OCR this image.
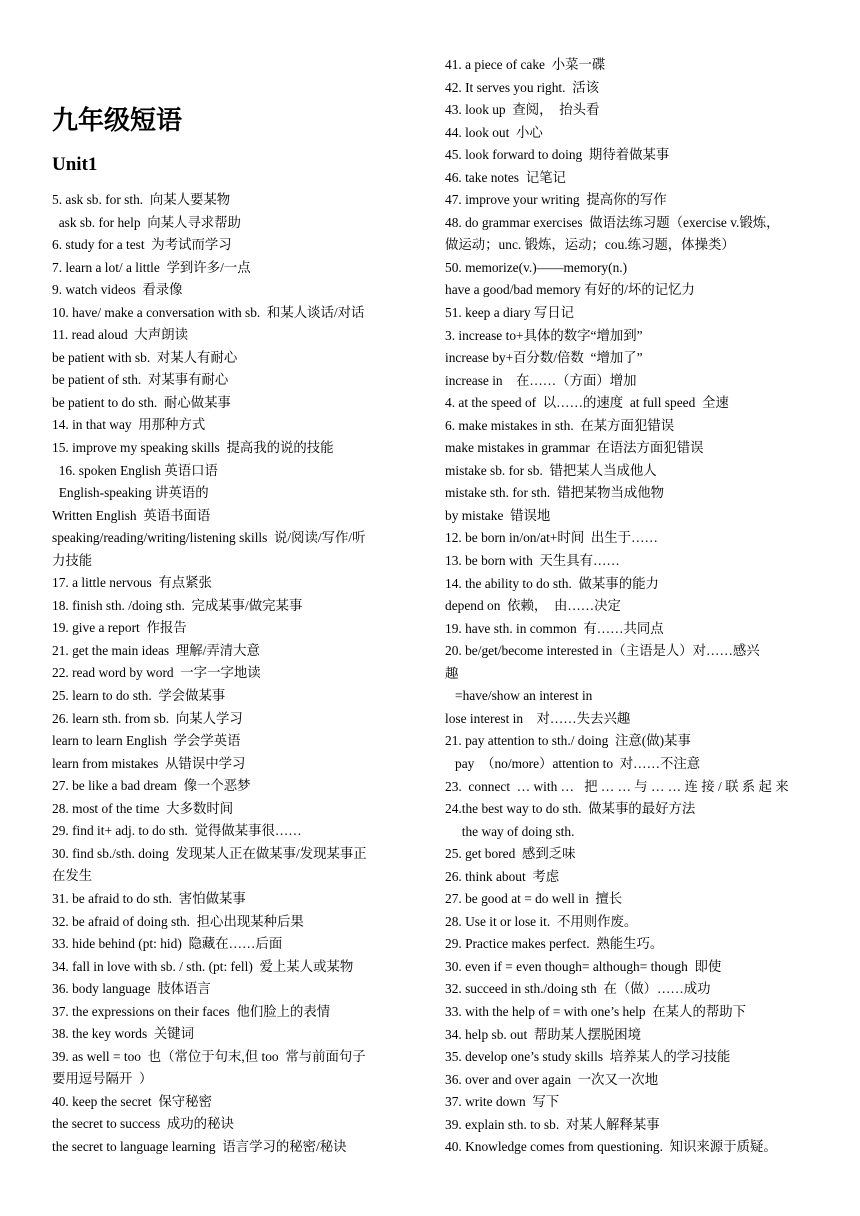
九年级短语
Unit1
5. ask sb. for sth.  向某人要某物
ask sb. for help  向某人寻求帮助
6. study for a test  为考试而学习
7. learn a lot/ a little  学到许多/一点
9. watch videos  看录像
10. have/ make a conversation with sb.  和某人谈话/对话
11. read aloud  大声朗读
be patient with sb.  对某人有耐心
be patient of sth.  对某事有耐心
be patient to do sth.  耐心做某事
14. in that way  用那种方式
15. improve my speaking skills  提高我的说的技能
16. spoken English 英语口语
English-speaking 讲英语的
Written English  英语书面语
speaking/reading/writing/listening skills  说/阅读/写作/听
力技能
17. a little nervous  有点紧张
18. finish sth. /doing sth.  完成某事/做完某事
19. give a report  作报告
21. get the main ideas  理解/弄清大意
22. read word by word  一字一字地读
25. learn to do sth.  学会做某事
26. learn sth. from sb.  向某人学习
learn to learn English  学会学英语
learn from mistakes  从错误中学习
27. be like a bad dream  像一个恶梦
28. most of the time  大多数时间
29. find it+ adj. to do sth.  觉得做某事很……
30. find sb./sth. doing  发现某人正在做某事/发现某事正
在发生
31. be afraid to do sth.  害怕做某事
32. be afraid of doing sth.  担心出现某种后果
33. hide behind (pt: hid)  隐藏在……后面
34. fall in love with sb. / sth. (pt: fell)  爱上某人或某物
36. body language  肢体语言
37. the expressions on their faces  他们脸上的表情
38. the key words  关键词
39. as well = too  也（常位于句末,但 too  常与前面句子
要用逗号隔开  ）
40. keep the secret  保守秘密
the secret to success  成功的秘诀
the secret to language learning  语言学习的秘密/秘诀
41. a piece of cake  小菜一碟
42. It serves you right.  活该
43. look up  查阅，  抬头看
44. look out  小心
45. look forward to doing  期待着做某事
46. take notes  记笔记
47. improve your writing  提高你的写作
48. do grammar exercises  做语法练习题（exercise v.锻炼，
做运动；unc. 锻炼，运动；cou.练习题，体操类）
50. memorize(v.)——memory(n.)
have a good/bad memory 有好的/坏的记忆力
51. keep a diary 写日记
3. increase to+具体的数字“增加到”
increase by+百分数/倍数  “增加了”
increase in    在……（方面）增加
4. at the speed of  以……的速度  at full speed  全速
6. make mistakes in sth.  在某方面犯错误
make mistakes in grammar  在语法方面犯错误
mistake sb. for sb.  错把某人当成他人
mistake sth. for sth.  错把某物当成他物
by mistake  错误地
12. be born in/on/at+时间  出生于……
13. be born with  天生具有……
14. the ability to do sth.  做某事的能力
depend on  依赖，  由……决定
19. have sth. in common  有……共同点
20. be/get/become interested in（主语是人）对……感兴
趣
=have/show an interest in
lose interest in    对……失去兴趣
21. pay attention to sth./ doing  注意(做)某事
pay  （no/more）attention to  对……不注意
23.  connect  … with …   把 … … 与 … … 连 接 / 联 系 起 来
24.the best way to do sth.  做某事的最好方法
the way of doing sth.
25. get bored  感到乏味
26. think about  考虑
27. be good at = do well in  擅长
28. Use it or lose it.  不用则作废。
29. Practice makes perfect.  熟能生巧。
30. even if = even though= although= though  即使
32. succeed in sth./doing sth  在（做）……成功
33. with the help of = with one’s help  在某人的帮助下
34. help sb. out  帮助某人摆脱困境
35. develop one’s study skills  培养某人的学习技能
36. over and over again  一次又一次地
37. write down  写下
39. explain sth. to sb.  对某人解释某事
40. Knowledge comes from questioning.  知识来源于质疑。
